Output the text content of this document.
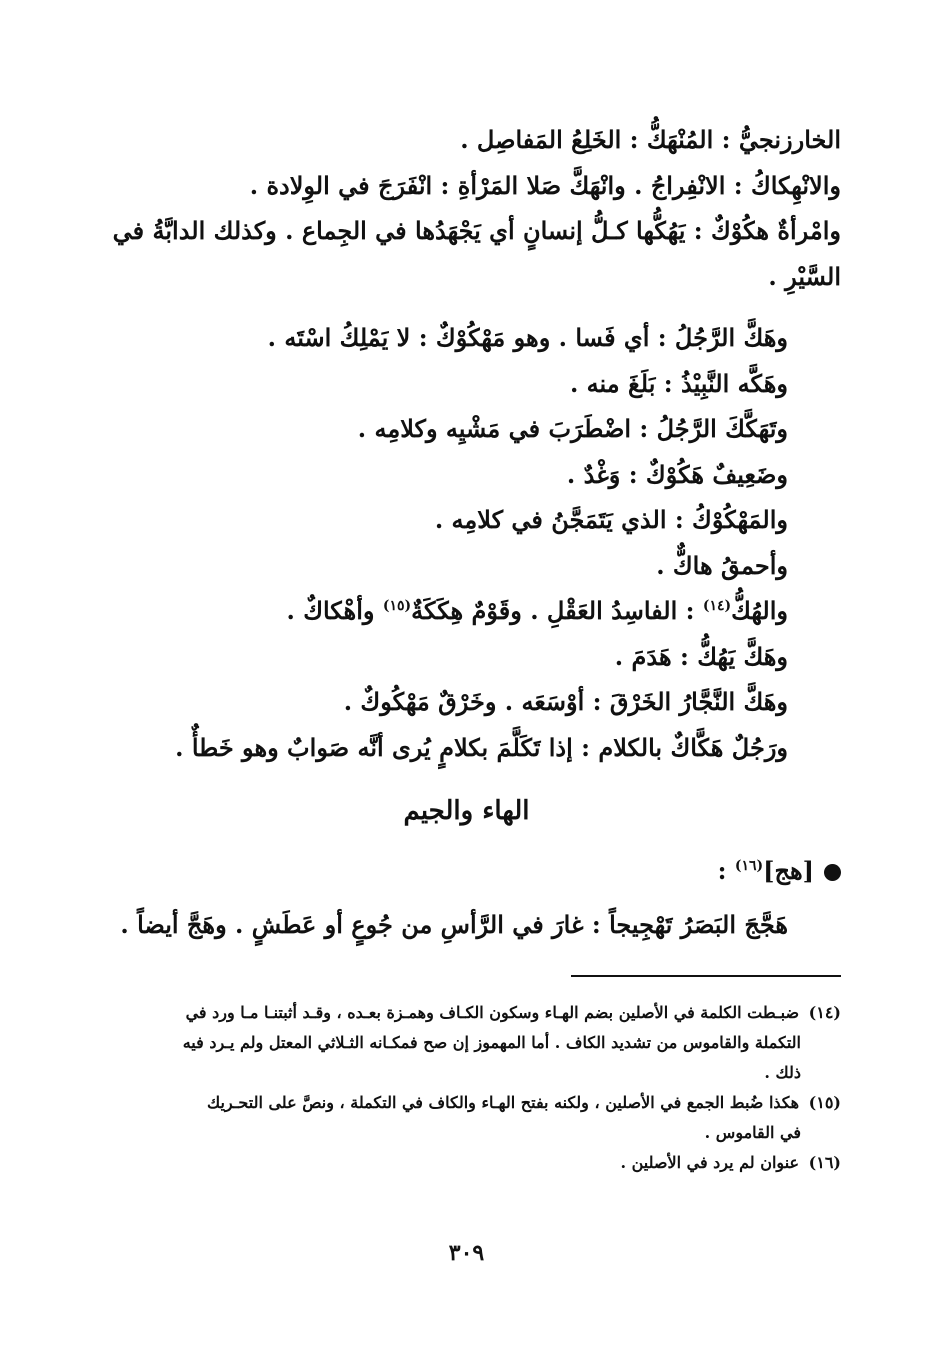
الخارزنجيُّ : المُنْهَكُّ : الخَلِعُ المَفاصِل .
والانْهِكاكُ : الانْفِراجُ . وانْهَكَّ صَلا المَرْأةِ : انْفَرَجَ في الوِلادة .
وامْرأةٌ هكُوْكٌ : يَهُكُّها كـلُّ إنسانٍ أي يَجْهَدُها في الجِماع . وكذلك الدابَّةُ في
السَّيْرِ .
وهَكَّ الرَّجُلُ : أي فَسا . وهو مَهْكُوْكٌ : لا يَمْلِكُ اسْتَه .
وهَكَّه النَّبِيْذُ : بَلَغَ منه .
وتَهَكَّكَ الرَّجُلُ : اضْطَرَبَ في مَشْيِه وكلامِه .
وضَعِيفٌ هَكُوْكٌ : وَغْدٌ .
والمَهْكُوْكُ : الذي يَتَمَجَّنُ في كلامِه .
وأحمقُ هاكٌّ .
والهُكُّ$^{(١٤)}$ : الفاسِدُ العَقْلِ . وقَوْمٌ هِكَكَةٌ$^{(١٥)}$ وأهْكاكٌ .
وهَكَّ يَهُكُّ : هَدَمَ .
وهَكَّ النَّجَّارُ الخَرْقَ : أوْسَعَه . وخَرْقٌ مَهْكُوكٌ .
ورَجُلٌ هَكَّاكٌ بالكلام : إذا تَكَلَّمَ بكلامٍ يُرى أنَّه صَوابٌ وهو خَطأٌ .
الهاء والجيم
[هج]$^{(١٦)}$ :
هَجَّجَ البَصَرُ تَهْجِيجاً : غارَ في الرَّأسِ من جُوعٍ أو عَطَشٍ . وهَجَّ أيضاً .

(١٤) ضبـطت الكلمة في الأصلين بضم الهـاء وسكون الكـاف وهمـزة بعـده ، وقـد أثبتنـا مـا ورد في

التكملة والقاموس من تشديد الكاف . أما المهموز إن صح فمكـانه الثـلاثي المعتل ولم يـرد فيه

ذلك .

(١٥) هكذا ضُبط الجمع في الأصلين ، ولكنه بفتح الهـاء والكاف في التكملة ، ونصَّ على التحـريك

في القاموس .

(١٦) عنوان لم يرد في الأصلين .

٣٠٩
